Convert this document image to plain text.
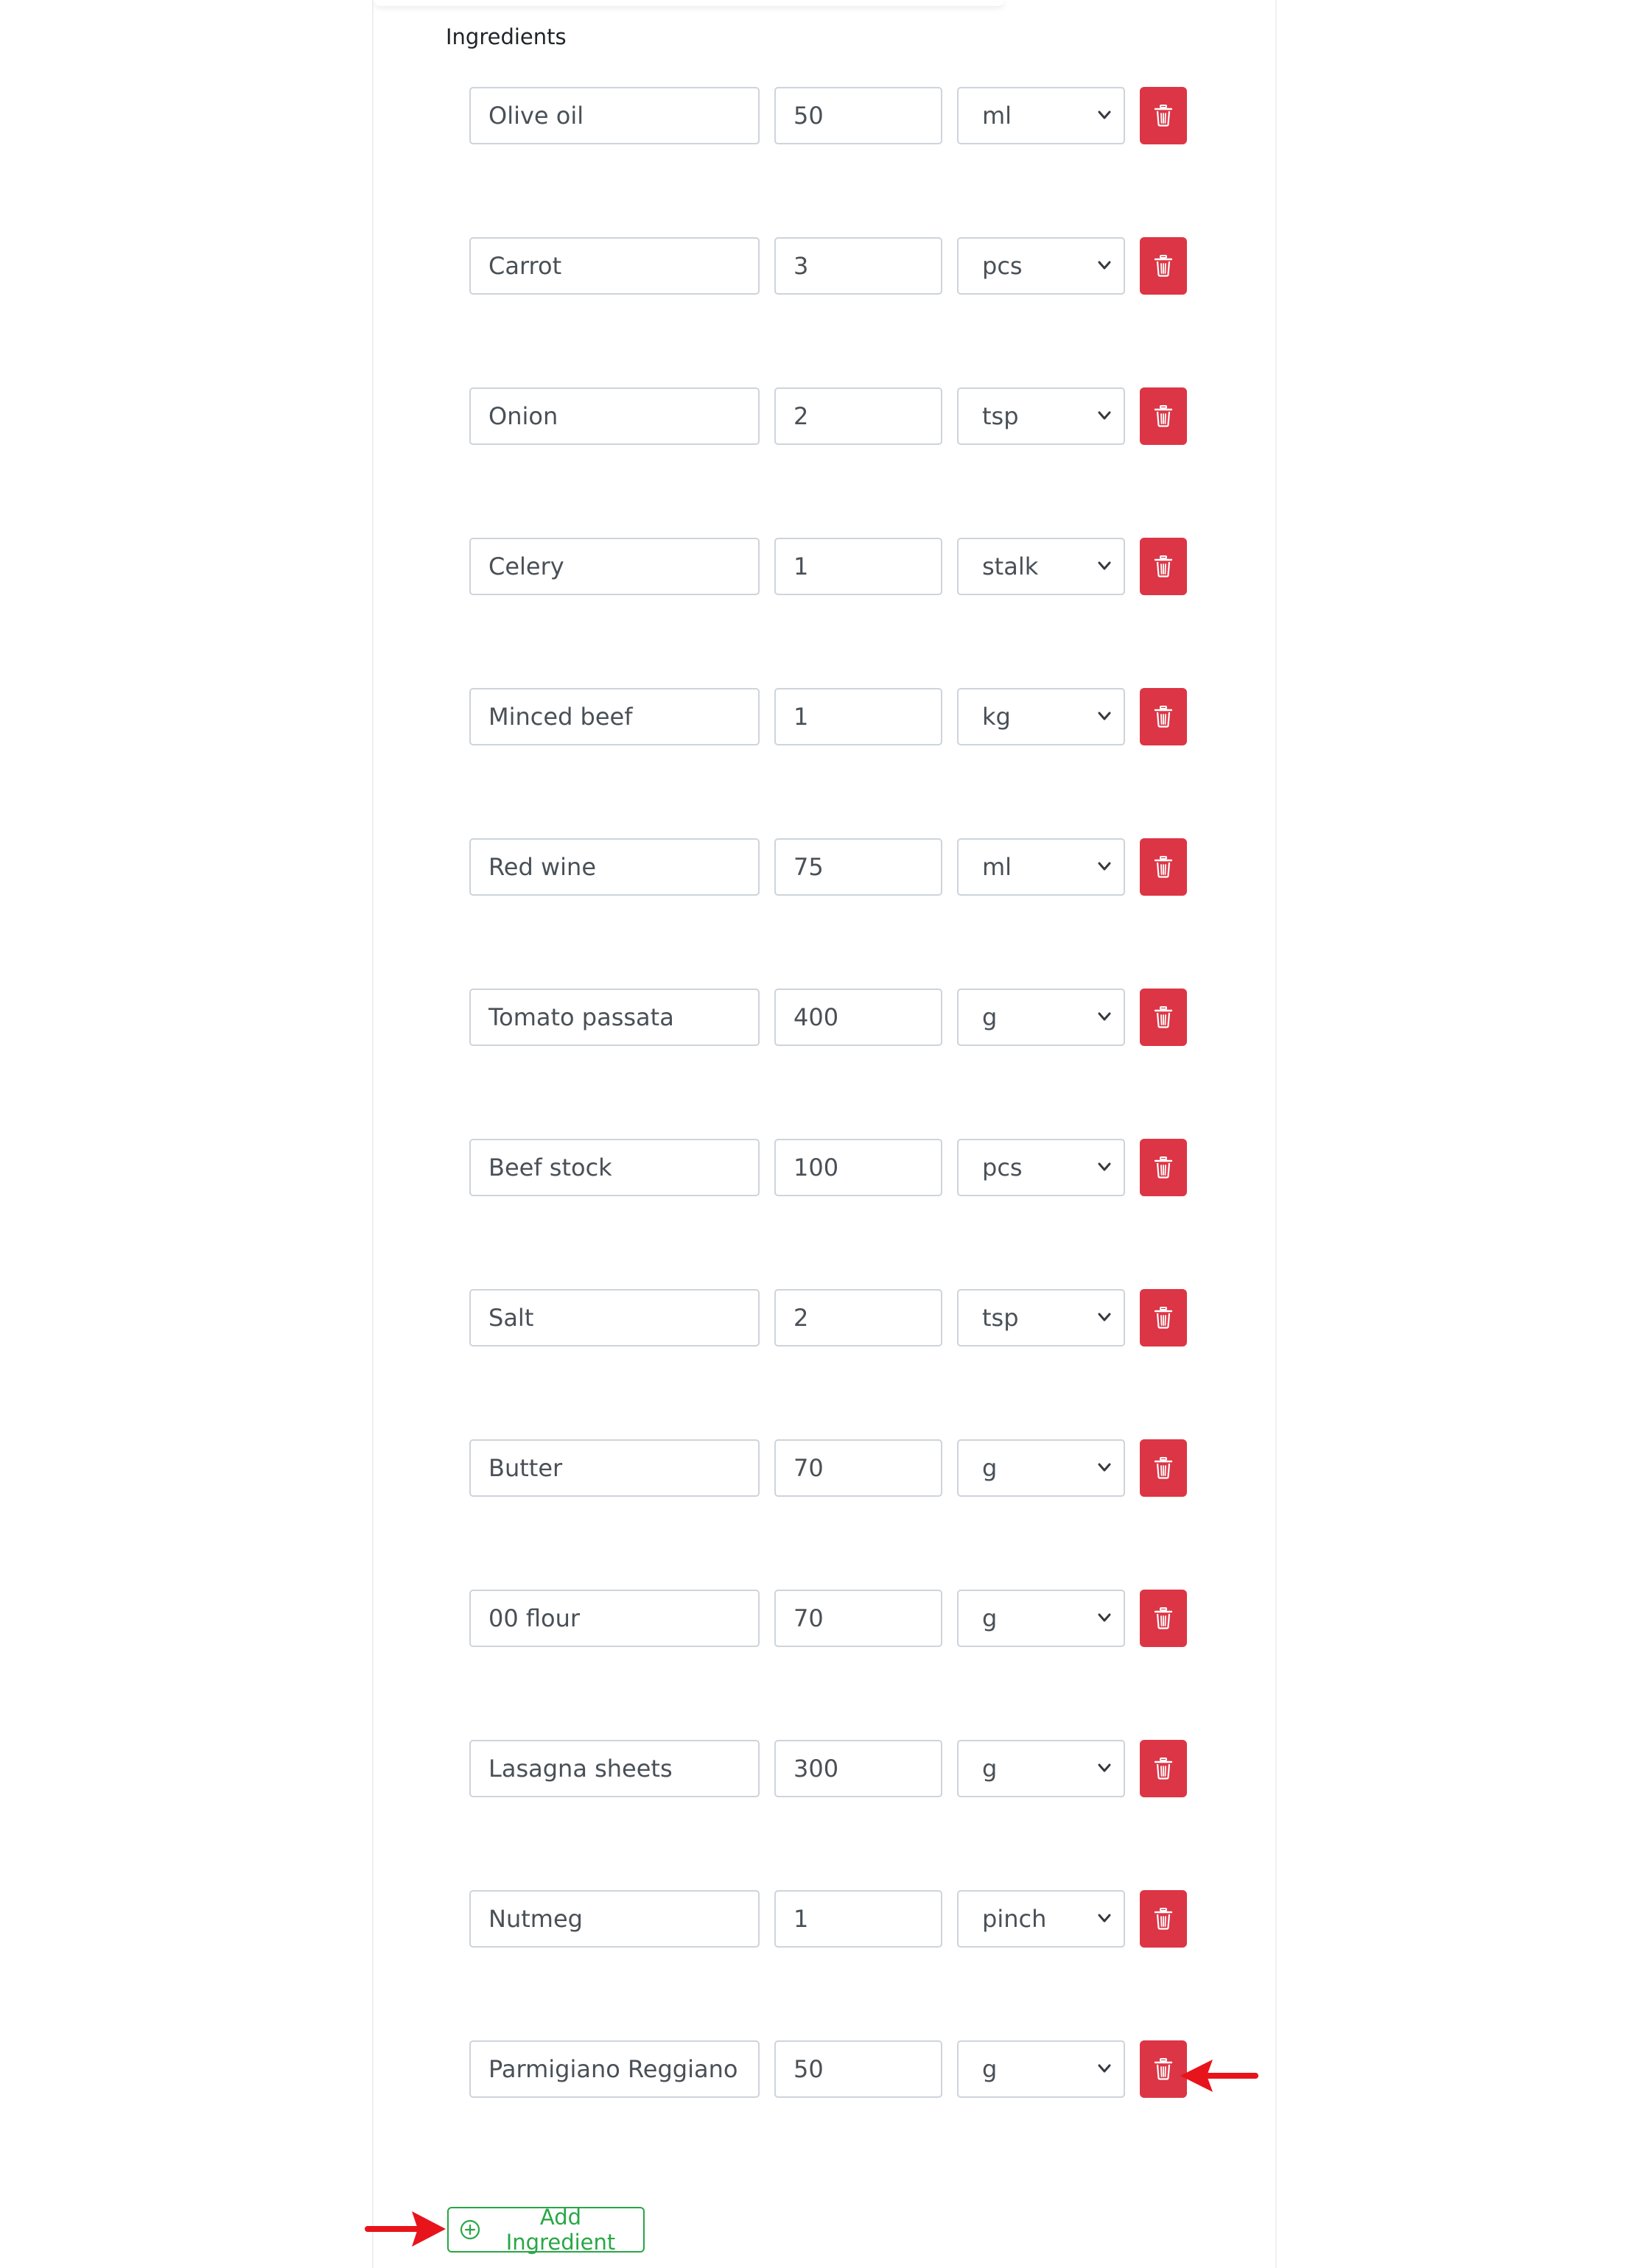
Ingredients
Olive oil
50
ml
Carrot
3
pcs
Onion
2
tsp
Celery
1
stalk
Minced beef
1
kg
Red wine
75
ml
Tomato passata
400
g
Beef stock
100
pcs
Salt
2
tsp
Butter
70
g
00 flour
70
g
Lasagna sheets
300
g
Nutmeg
1
pinch
Parmigiano Reggiano
50
g
Add Ingredient
